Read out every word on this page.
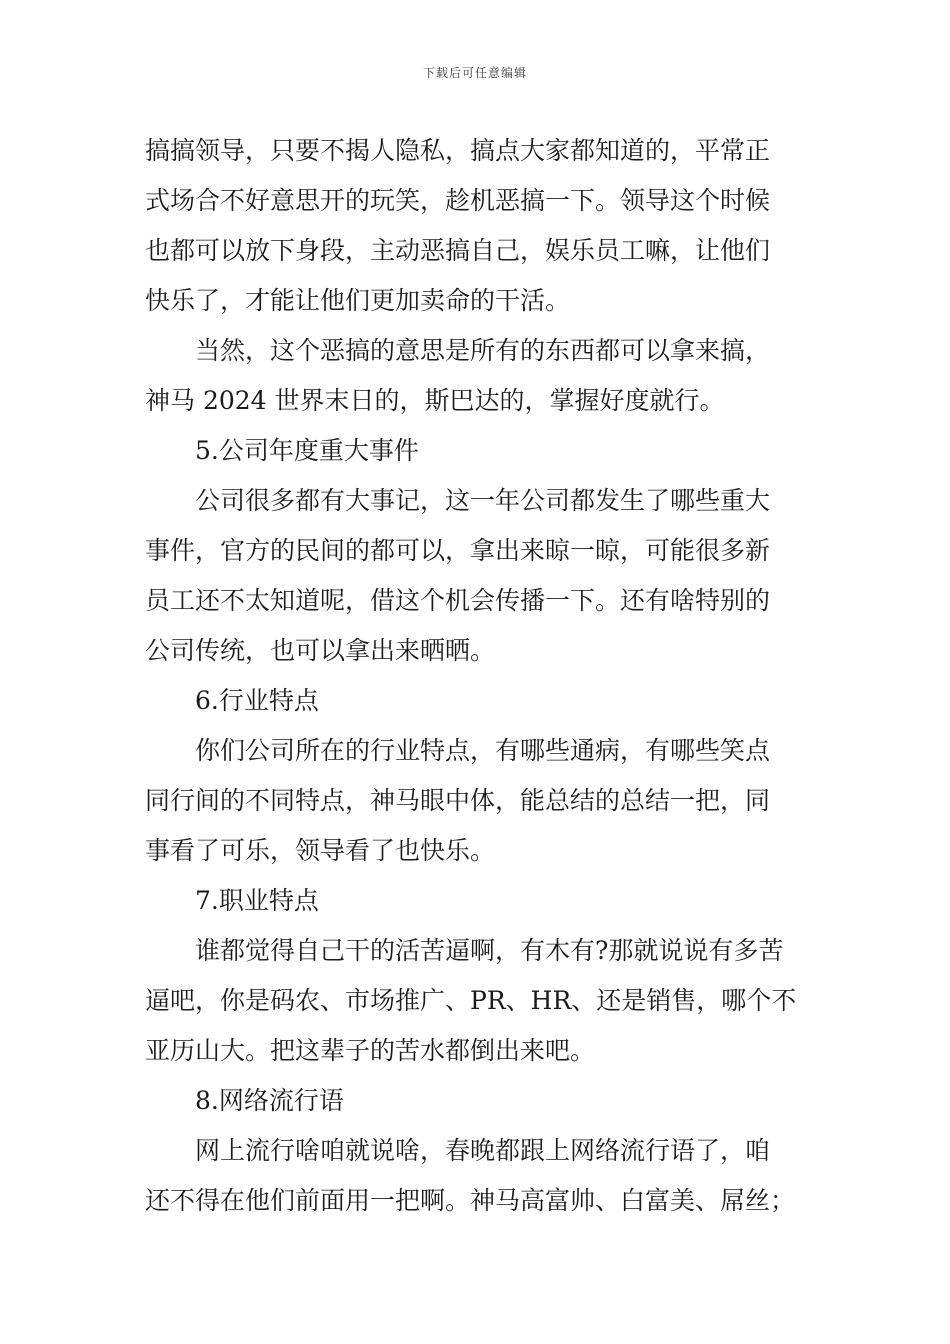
下载后可任意编辑
搞搞领导，只要不揭人隐私，搞点大家都知道的，平常正
式场合不好意思开的玩笑，趁机恶搞一下。领导这个时候
也都可以放下身段，主动恶搞自己，娱乐员工嘛，让他们
快乐了，才能让他们更加卖命的干活。
当然，这个恶搞的意思是所有的东西都可以拿来搞，
神马 2024 世界末日的，斯巴达的，掌握好度就行。
5.公司年度重大事件
公司很多都有大事记，这一年公司都发生了哪些重大
事件，官方的民间的都可以，拿出来晾一晾，可能很多新
员工还不太知道呢，借这个机会传播一下。还有啥特别的
公司传统，也可以拿出来晒晒。
6.行业特点
你们公司所在的行业特点，有哪些通病，有哪些笑点
同行间的不同特点，神马眼中体，能总结的总结一把，同
事看了可乐，领导看了也快乐。
7.职业特点
谁都觉得自己干的活苦逼啊，有木有?那就说说有多苦
逼吧，你是码农、市场推广、PR、HR、还是销售，哪个不
亚历山大。把这辈子的苦水都倒出来吧。
8.网络流行语
网上流行啥咱就说啥，春晚都跟上网络流行语了，咱
还不得在他们前面用一把啊。神马高富帅、白富美、屌丝；
